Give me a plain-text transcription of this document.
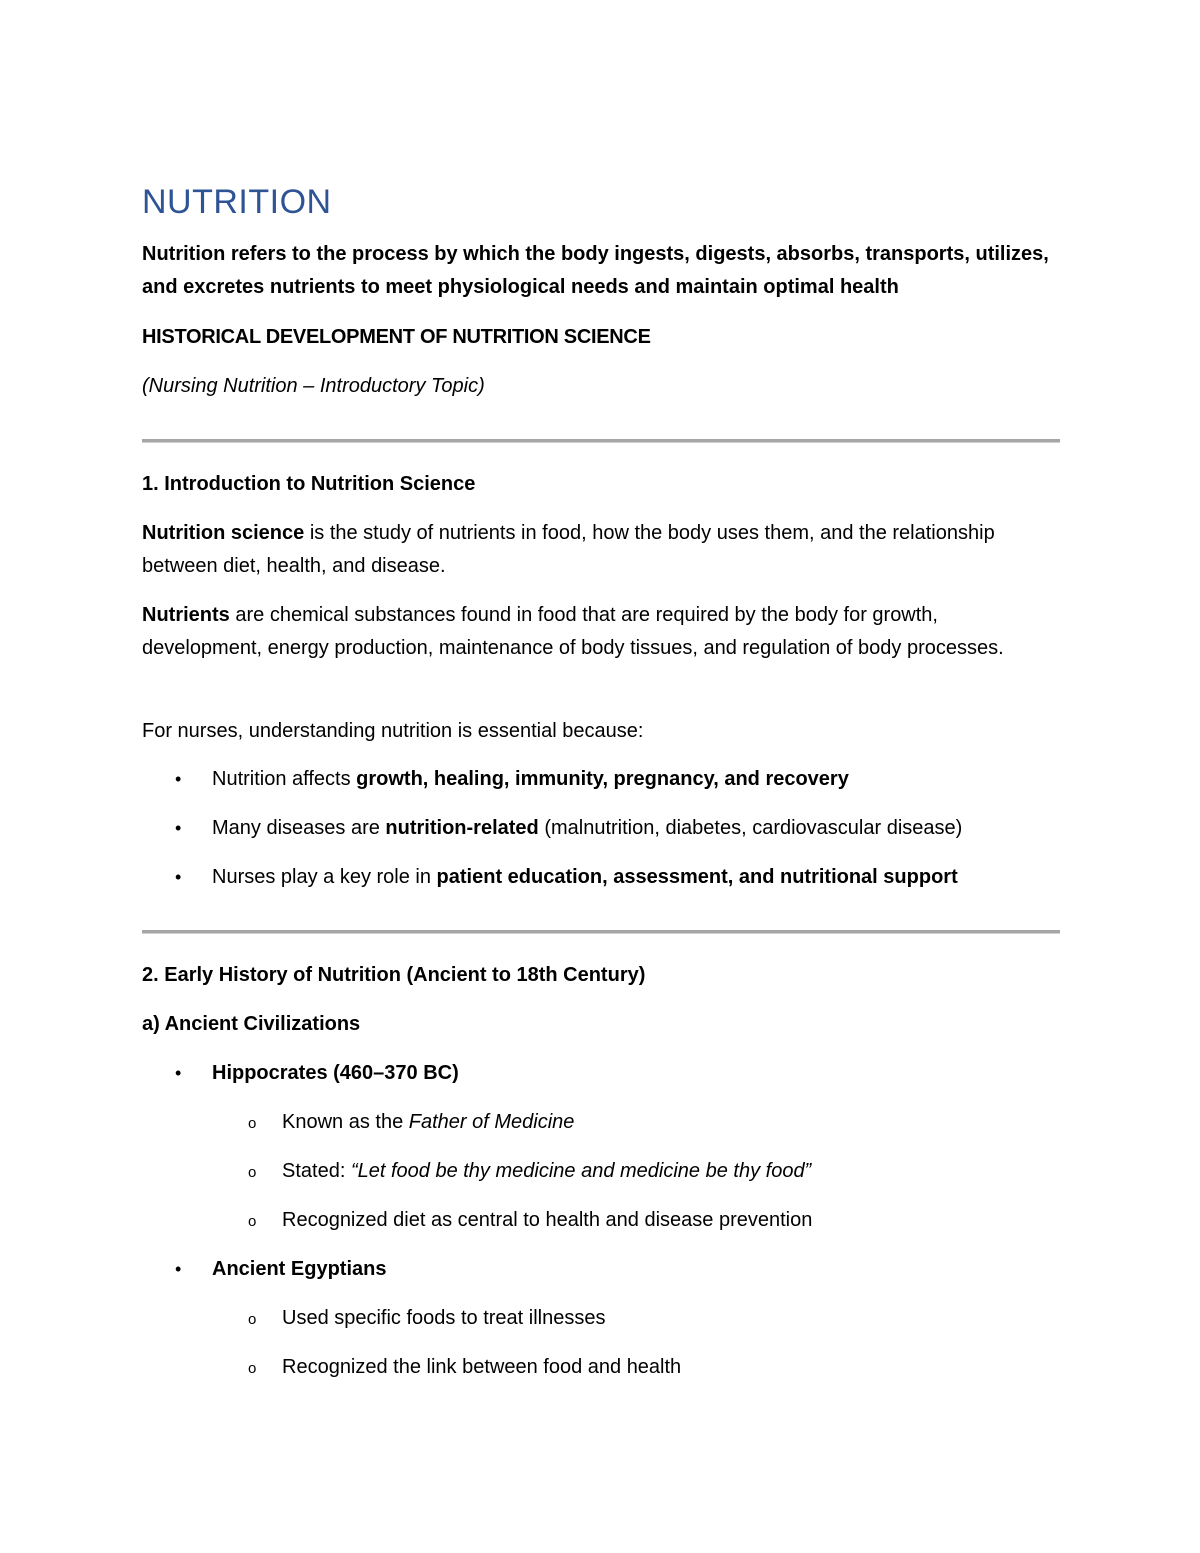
NUTRITION

Nutrition refers to the process by which the body ingests, digests, absorbs, transports, utilizes, and excretes nutrients to meet physiological needs and maintain optimal health

HISTORICAL DEVELOPMENT OF NUTRITION SCIENCE

(Nursing Nutrition – Introductory Topic)

1. Introduction to Nutrition Science

Nutrition science is the study of nutrients in food, how the body uses them, and the relationship between diet, health, and disease.

Nutrients are chemical substances found in food that are required by the body for growth, development, energy production, maintenance of body tissues, and regulation of body processes.

For nurses, understanding nutrition is essential because:

• Nutrition affects growth, healing, immunity, pregnancy, and recovery
• Many diseases are nutrition-related (malnutrition, diabetes, cardiovascular disease)
• Nurses play a key role in patient education, assessment, and nutritional support

2. Early History of Nutrition (Ancient to 18th Century)

a) Ancient Civilizations

• Hippocrates (460–370 BC)
o Known as the Father of Medicine
o Stated: “Let food be thy medicine and medicine be thy food”
o Recognized diet as central to health and disease prevention
• Ancient Egyptians
o Used specific foods to treat illnesses
o Recognized the link between food and health
